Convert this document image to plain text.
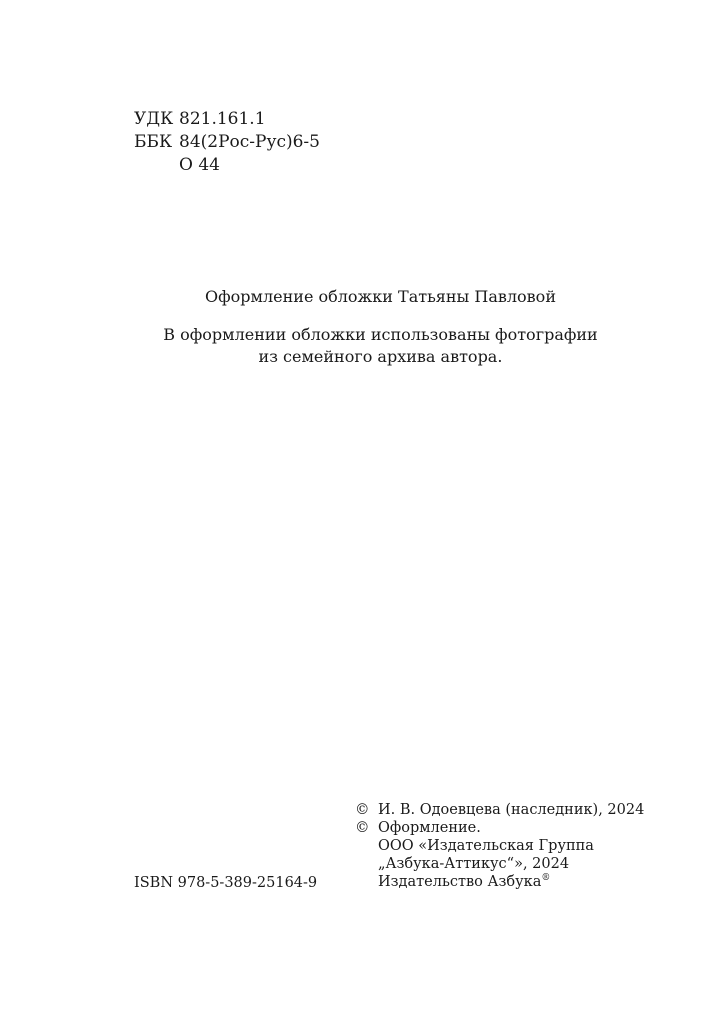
УДК 821.161.1
ББК 84(2Рос-Рус)6-5
О 44
Оформление обложки Татьяны Павловой
В оформлении обложки использованы фотографии
из семейного архива автора.
© И. В. Одоевцева (наследник), 2024
© Оформление.
ООО «Издательская Группа
„Азбука-Аттикус“», 2024
Издательство Азбука®
ISBN 978-5-389-25164-9
